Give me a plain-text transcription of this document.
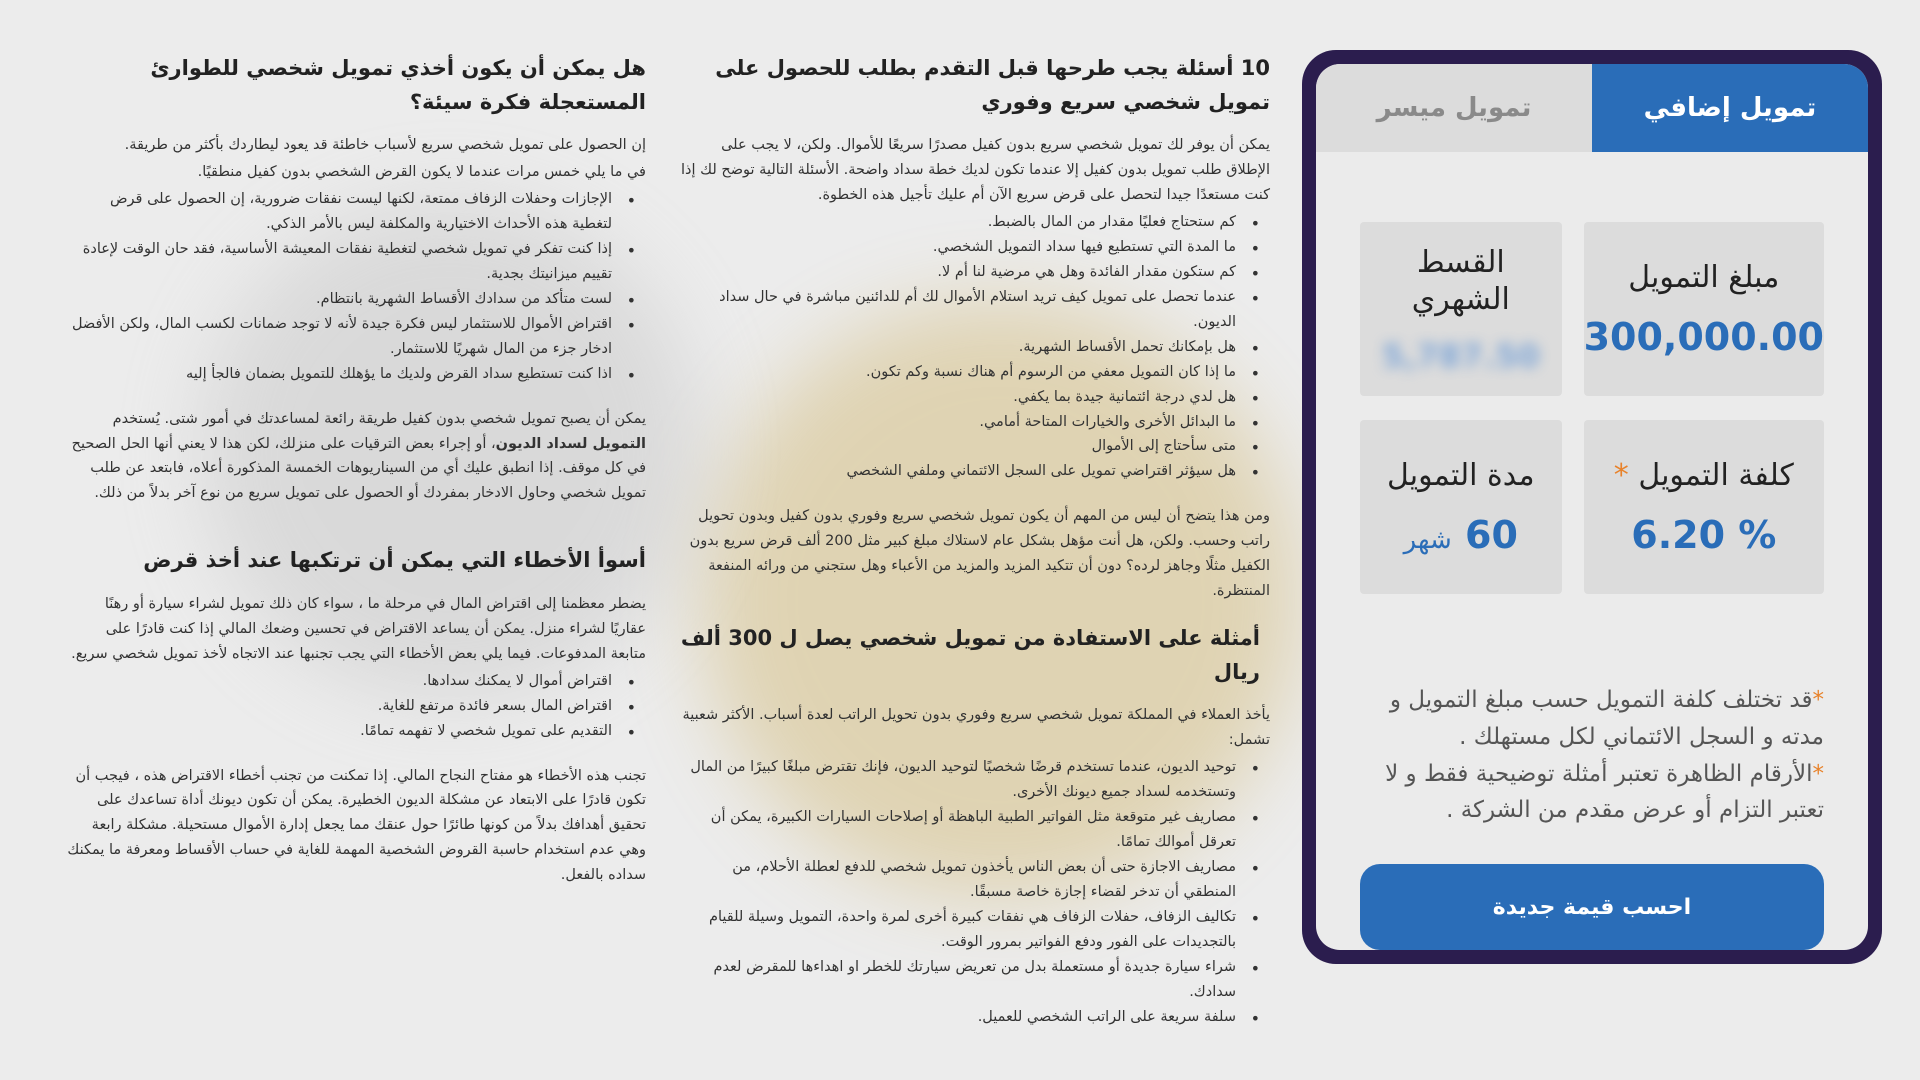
تمويل إضافي
تمويل ميسر
مبلغ التمويل
300,000.00
القسط الشهري
5,787.50
كلفة التمويل *
6.20 %
مدة التمويل
60 شهر
*قد تختلف كلفة التمويل حسب مبلغ التمويل و مدته و السجل الائتماني لكل مستهلك .
*الأرقام الظاهرة تعتبر أمثلة توضيحية فقط و لا تعتبر التزام أو عرض مقدم من الشركة .
احسب قيمة جديدة
10 أسئلة يجب طرحها قبل التقدم بطلب للحصول على تمويل شخصي سريع وفوري

يمكن أن يوفر لك تمويل شخصي سريع بدون كفيل مصدرًا سريعًا للأموال. ولكن، لا يجب على الإطلاق طلب تمويل بدون كفيل إلا عندما تكون لديك خطة سداد واضحة. الأسئلة التالية توضح لك إذا كنت مستعدًا جيدا لتحصل على قرض سريع الآن أم عليك تأجيل هذه الخطوة.

• كم ستحتاج فعليًا مقدار من المال بالضبط.
• ما المدة التي تستطيع فيها سداد التمويل الشخصي.
• كم ستكون مقدار الفائدة وهل هي مرضية لنا أم لا.
• عندما تحصل على تمويل كيف تريد استلام الأموال لك أم للدائنين مباشرة في حال سداد الديون.
• هل بإمكانك تحمل الأقساط الشهرية.
• ما إذا كان التمويل معفي من الرسوم أم هناك نسبة وكم تكون.
• هل لدي درجة ائتمانية جيدة بما يكفي.
• ما البدائل الأخرى والخيارات المتاحة أمامي.
• متى سأحتاج إلى الأموال
• هل سيؤثر اقتراضي تمويل على السجل الائتماني وملفي الشخصي

ومن هذا يتضح أن ليس من المهم أن يكون تمويل شخصي سريع وفوري بدون كفيل وبدون تحويل راتب وحسب. ولكن، هل أنت مؤهل بشكل عام لاستلاك مبلغ كبير مثل 200 ألف قرض سريع بدون الكفيل مثلًا وجاهز لرده؟ دون أن تتكيد المزيد والمزيد من الأعباء وهل ستجني من ورائه المنفعة المنتظرة.

أمثلة على الاستفادة من تمويل شخصي يصل ل 300 ألف ريال

يأخذ العملاء في المملكة تمويل شخصي سريع وفوري بدون تحويل الراتب لعدة أسباب. الأكثر شعبية تشمل:

• توحيد الديون، عندما تستخدم قرضًا شخصيًا لتوحيد الديون، فإنك تقترض مبلغًا كبيرًا من المال وتستخدمه لسداد جميع ديونك الأخرى.
• مصاريف غير متوقعة مثل الفواتير الطبية الباهظة أو إصلاحات السيارات الكبيرة، يمكن أن تعرقل أموالك تمامًا.
• مصاريف الاجازة حتى أن بعض الناس يأخذون تمويل شخصي للدفع لعطلة الأحلام، من المنطقي أن تدخر لقضاء إجازة خاصة مسبقًا.
• تكاليف الزفاف، حفلات الزفاف هي نفقات كبيرة أخرى لمرة واحدة، التمويل وسيلة للقيام بالتجديدات على الفور ودفع الفواتير بمرور الوقت.
• شراء سيارة جديدة أو مستعملة بدل من تعريض سيارتك للخطر او اهداءها للمقرض لعدم سدادك.
• سلفة سريعة على الراتب الشخصي للعميل.
هل يمكن أن يكون أخذي تمويل شخصي للطوارئ المستعجلة فكرة سيئة؟

إن الحصول على تمويل شخصي سريع لأسباب خاطئة قد يعود ليطاردك بأكثر من طريقة.

في ما يلي خمس مرات عندما لا يكون القرض الشخصي بدون كفيل منطقيًا.

• الإجازات وحفلات الزفاف ممتعة، لكنها ليست نفقات ضرورية، إن الحصول على قرض لتغطية هذه الأحداث الاختيارية والمكلفة ليس بالأمر الذكي.
• إذا كنت تفكر في تمويل شخصي لتغطية نفقات المعيشة الأساسية، فقد حان الوقت لإعادة تقييم ميزانيتك بجدية.
• لست متأكد من سدادك الأقساط الشهرية بانتظام.
• اقتراض الأموال للاستثمار ليس فكرة جيدة لأنه لا توجد ضمانات لكسب المال، ولكن الأفضل ادخار جزء من المال شهريًا للاستثمار.
• اذا كنت تستطيع سداد القرض ولديك ما يؤهلك للتمويل بضمان فالجأ إليه

يمكن أن يصبح تمويل شخصي بدون كفيل طريقة رائعة لمساعدتك في أمور شتى. يُستخدم التمويل لسداد الديون، أو إجراء بعض الترقيات على منزلك، لكن هذا لا يعني أنها الحل الصحيح في كل موقف. إذا انطبق عليك أي من السيناريوهات الخمسة المذكورة أعلاه، فابتعد عن طلب تمويل شخصي وحاول الادخار بمفردك أو الحصول على تمويل سريع من نوع آخر بدلاً من ذلك.

أسوأ الأخطاء التي يمكن أن ترتكبها عند أخذ قرض

يضطر معظمنا إلى اقتراض المال في مرحلة ما ، سواء كان ذلك تمويل لشراء سيارة أو رهنًا عقاريًا لشراء منزل. يمكن أن يساعد الاقتراض في تحسين وضعك المالي إذا كنت قادرًا على متابعة المدفوعات. فيما يلي بعض الأخطاء التي يجب تجنبها عند الاتجاه لأخذ تمويل شخصي سريع.

• اقتراض أموال لا يمكنك سدادها.
• اقتراض المال بسعر فائدة مرتفع للغاية.
• التقديم على تمويل شخصي لا تفهمه تمامًا.

تجنب هذه الأخطاء هو مفتاح النجاح المالي. إذا تمكنت من تجنب أخطاء الاقتراض هذه ، فيجب أن تكون قادرًا على الابتعاد عن مشكلة الديون الخطيرة. يمكن أن تكون ديونك أداة تساعدك على تحقيق أهدافك بدلاً من كونها طائرًا حول عنقك مما يجعل إدارة الأموال مستحيلة. مشكلة رابعة وهي عدم استخدام حاسبة القروض الشخصية المهمة للغاية في حساب الأقساط ومعرفة ما يمكنك سداده بالفعل.
